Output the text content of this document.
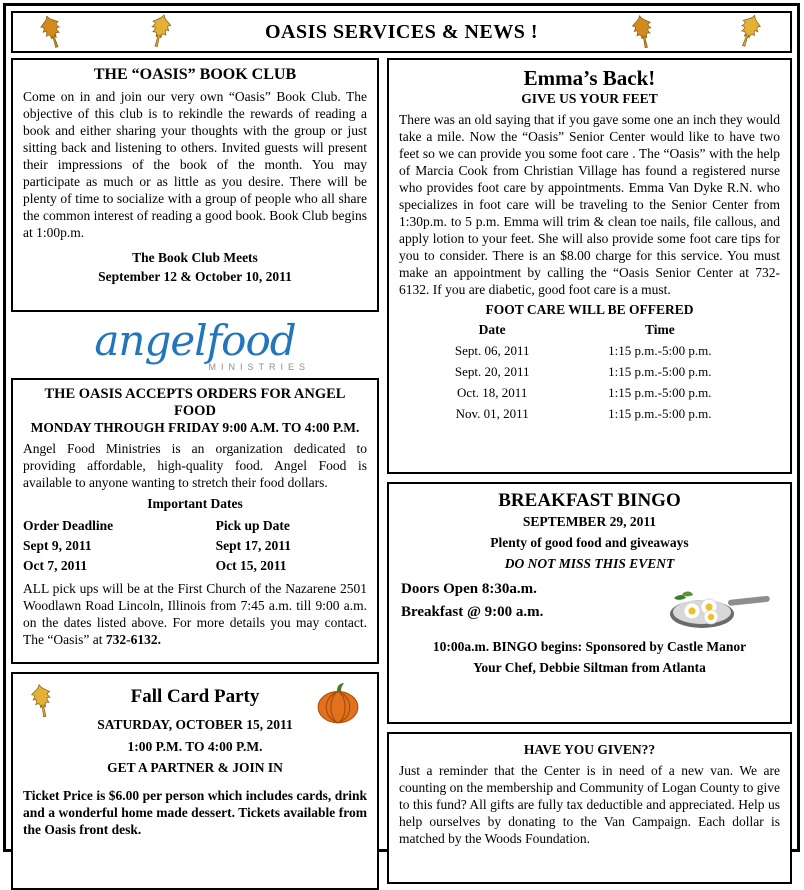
OASIS SERVICES & NEWS !
THE “OASIS” BOOK CLUB

Come on in and join our very own “Oasis” Book Club. The objective of this club is to rekindle the rewards of reading a book and either sharing your thoughts with the group or just sitting back and listening to others. Invited guests will present their impressions of the book of the month. You may participate as much or as little as you desire. There will be plenty of time to socialize with a group of people who all share the common interest of reading a good book. Book Club begins at 1:00p.m.

The Book Club Meets
September 12 & October 10, 2011
angelfood
MINISTRIES
THE OASIS ACCEPTS ORDERS FOR ANGEL FOOD
MONDAY THROUGH FRIDAY 9:00 A.M. TO 4:00 P.M.

Angel Food Ministries is an organization dedicated to providing affordable, high-quality food. Angel Food is available to anyone wanting to stretch their food dollars.

Important Dates
Order Deadline	Pick up Date
Sept 9, 2011	Sept 17, 2011
Oct 7, 2011	Oct 15, 2011

ALL pick ups will be at the First Church of the Nazarene 2501 Woodlawn Road Lincoln, Illinois from 7:45 a.m. till 9:00 a.m. on the dates listed above. For more details you may contact. The “Oasis” at 732-6132.

Fall Card Party
SATURDAY, OCTOBER 15, 2011
1:00 P.M. TO 4:00 P.M.
GET A PARTNER & JOIN IN

Ticket Price is $6.00 per person which includes cards, drink and a wonderful home made dessert. Tickets available from the Oasis front desk.

Emma’s Back!
GIVE US YOUR FEET

There was an old saying that if you gave some one an inch they would take a mile. Now the “Oasis” Senior Center would like to have two feet so we can provide you some foot care . The “Oasis” with the help of Marcia Cook from Christian Village has found a registered nurse who provides foot care by appointments. Emma Van Dyke R.N. who specializes in foot care will be traveling to the Senior Center from 1:30p.m. to 5 p.m. Emma will trim & clean toe nails, file callous, and apply lotion to your feet. She will also provide some foot care tips for you to consider. There is an $8.00 charge for this service. You must make an appointment by calling the “Oasis Senior Center at 732-6132. If you are diabetic, good foot care is a must.

FOOT CARE WILL BE OFFERED
Date	Time
Sept. 06, 2011	1:15 p.m.-5:00 p.m.
Sept. 20, 2011	1:15 p.m.-5:00 p.m.
Oct. 18, 2011	1:15 p.m.-5:00 p.m.
Nov. 01, 2011	1:15 p.m.-5:00 p.m.
BREAKFAST BINGO
SEPTEMBER 29, 2011
Plenty of good food and giveaways
DO NOT MISS THIS EVENT
Doors Open 8:30a.m.
Breakfast @ 9:00 a.m.
10:00a.m. BINGO begins: Sponsored by Castle Manor
Your Chef, Debbie Siltman from Atlanta
HAVE YOU GIVEN??

Just a reminder that the Center is in need of a new van. We are counting on the membership and Community of Logan County to give to this fund? All gifts are fully tax deductible and appreciated. Help us help ourselves by donating to the Van Campaign. Each dollar is matched by the Woods Foundation.
